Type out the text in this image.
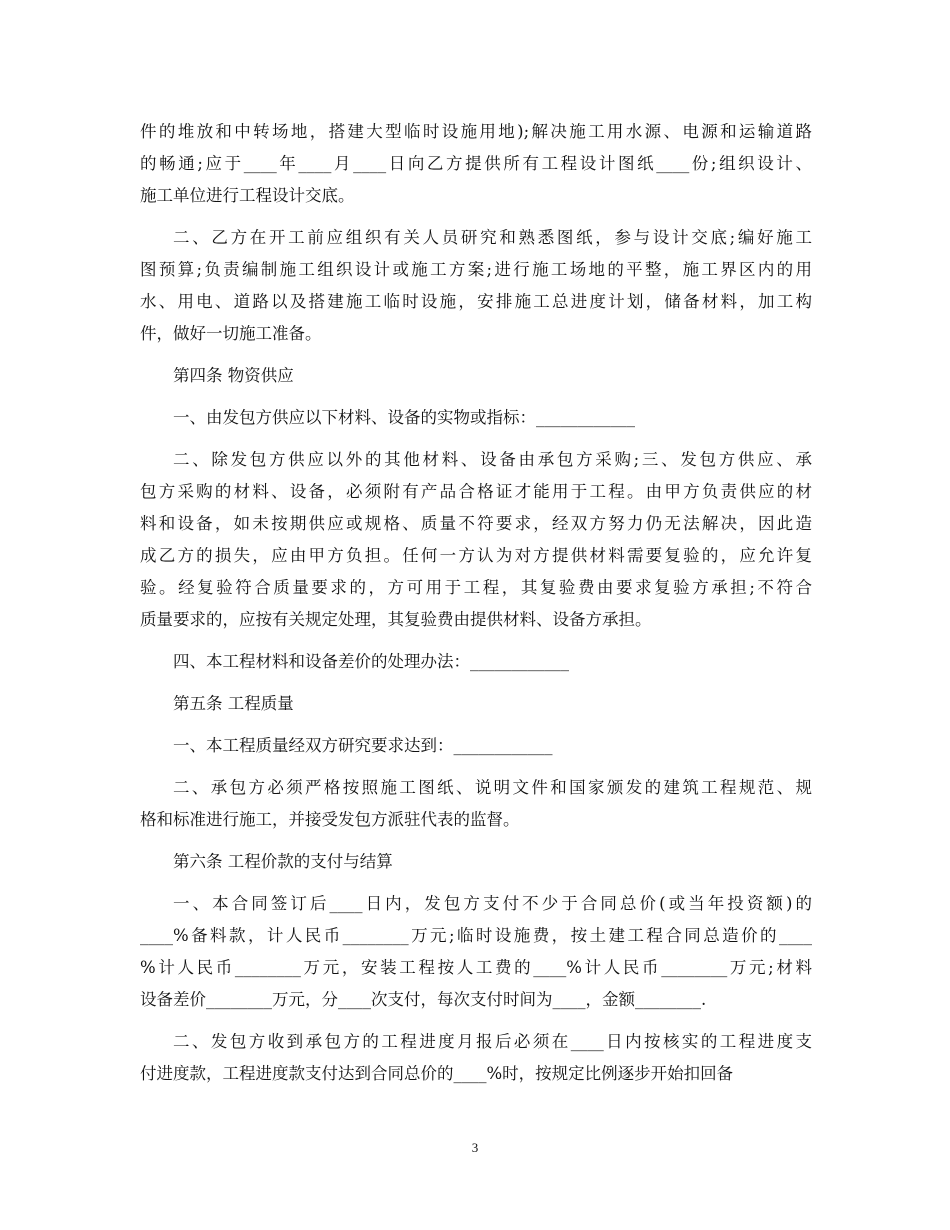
件的堆放和中转场地，搭建大型临时设施用地);解决施工用水源、电源和运输道路
的畅通;应于____年____月____日向乙方提供所有工程设计图纸____份;组织设计、
施工单位进行工程设计交底。
二、乙方在开工前应组织有关人员研究和熟悉图纸，参与设计交底;编好施工
图预算;负责编制施工组织设计或施工方案;进行施工场地的平整，施工界区内的用
水、用电、道路以及搭建施工临时设施，安排施工总进度计划，储备材料，加工构
件，做好一切施工准备。
第四条 物资供应
一、由发包方供应以下材料、设备的实物或指标：____________
二、除发包方供应以外的其他材料、设备由承包方采购;三、发包方供应、承
包方采购的材料、设备，必须附有产品合格证才能用于工程。由甲方负责供应的材
料和设备，如未按期供应或规格、质量不符要求，经双方努力仍无法解决，因此造
成乙方的损失，应由甲方负担。任何一方认为对方提供材料需要复验的，应允许复
验。经复验符合质量要求的，方可用于工程，其复验费由要求复验方承担;不符合
质量要求的，应按有关规定处理，其复验费由提供材料、设备方承担。
四、本工程材料和设备差价的处理办法：____________
第五条 工程质量
一、本工程质量经双方研究要求达到：____________
二、承包方必须严格按照施工图纸、说明文件和国家颁发的建筑工程规范、规
格和标准进行施工，并接受发包方派驻代表的监督。
第六条 工程价款的支付与结算
一、本合同签订后____日内，发包方支付不少于合同总价(或当年投资额)的
____%备料款，计人民币________万元;临时设施费，按土建工程合同总造价的____
%计人民币________万元，安装工程按人工费的____%计人民币________万元;材料
设备差价________万元，分____次支付，每次支付时间为____，金额________.
二、发包方收到承包方的工程进度月报后必须在____日内按核实的工程进度支
付进度款，工程进度款支付达到合同总价的____%时，按规定比例逐步开始扣回备
3
